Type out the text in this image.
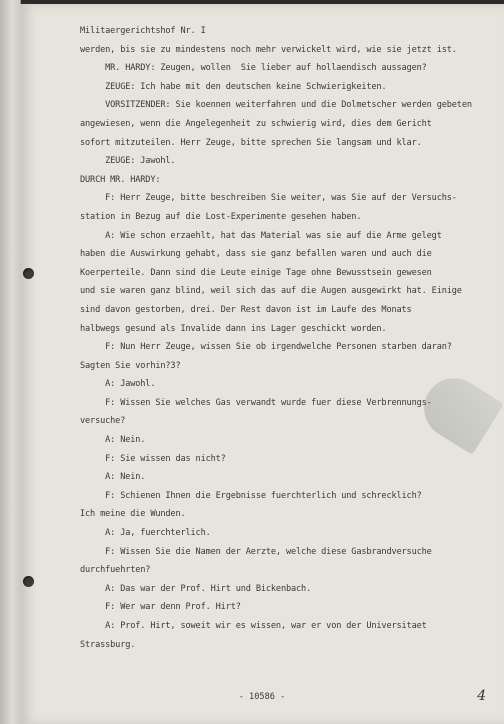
Militaergerichtshof Nr. I
werden, bis sie zu mindestens noch mehr verwickelt wird, wie sie jetzt ist.
MR. HARDY: Zeugen, wollen  Sie lieber auf hollaendisch aussagen?
ZEUGE: Ich habe mit den deutschen keine Schwierigkeiten.
VORSITZENDER: Sie koennen weiterfahren und die Dolmetscher werden gebeten
angewiesen, wenn die Angelegenheit zu schwierig wird, dies dem Gericht
sofort mitzuteilen. Herr Zeuge, bitte sprechen Sie langsam und klar.
ZEUGE: Jawohl.
DURCH MR. HARDY:
F: Herr Zeuge, bitte beschreiben Sie weiter, was Sie auf der Versuchs-
station in Bezug auf die Lost-Experimente gesehen haben.
A: Wie schon erzaehlt, hat das Material was sie auf die Arme gelegt
haben die Auswirkung gehabt, dass sie ganz befallen waren und auch die
Koerperteile. Dann sind die Leute einige Tage ohne Bewusstsein gewesen
und sie waren ganz blind, weil sich das auf die Augen ausgewirkt hat. Einige
sind davon gestorben, drei. Der Rest davon ist im Laufe des Monats
halbwegs gesund als Invalide dann ins Lager geschickt worden.
F: Nun Herr Zeuge, wissen Sie ob irgendwelche Personen starben daran?
Sagten Sie vorhin?3?
A: Jawohl.
F: Wissen Sie welches Gas verwandt wurde fuer diese Verbrennungs-
versuche?
A: Nein.
F: Sie wissen das nicht?
A: Nein.
F: Schienen Ihnen die Ergebnisse fuerchterlich und schrecklich?
Ich meine die Wunden.
A: Ja, fuerchterlich.
F: Wissen Sie die Namen der Aerzte, welche diese Gasbrandversuche
durchfuehrten?
A: Das war der Prof. Hirt und Bickenbach.
F: Wer war denn Prof. Hirt?
A: Prof. Hirt, soweit wir es wissen, war er von der Universitaet
Strassburg.
- 10586 -	4
